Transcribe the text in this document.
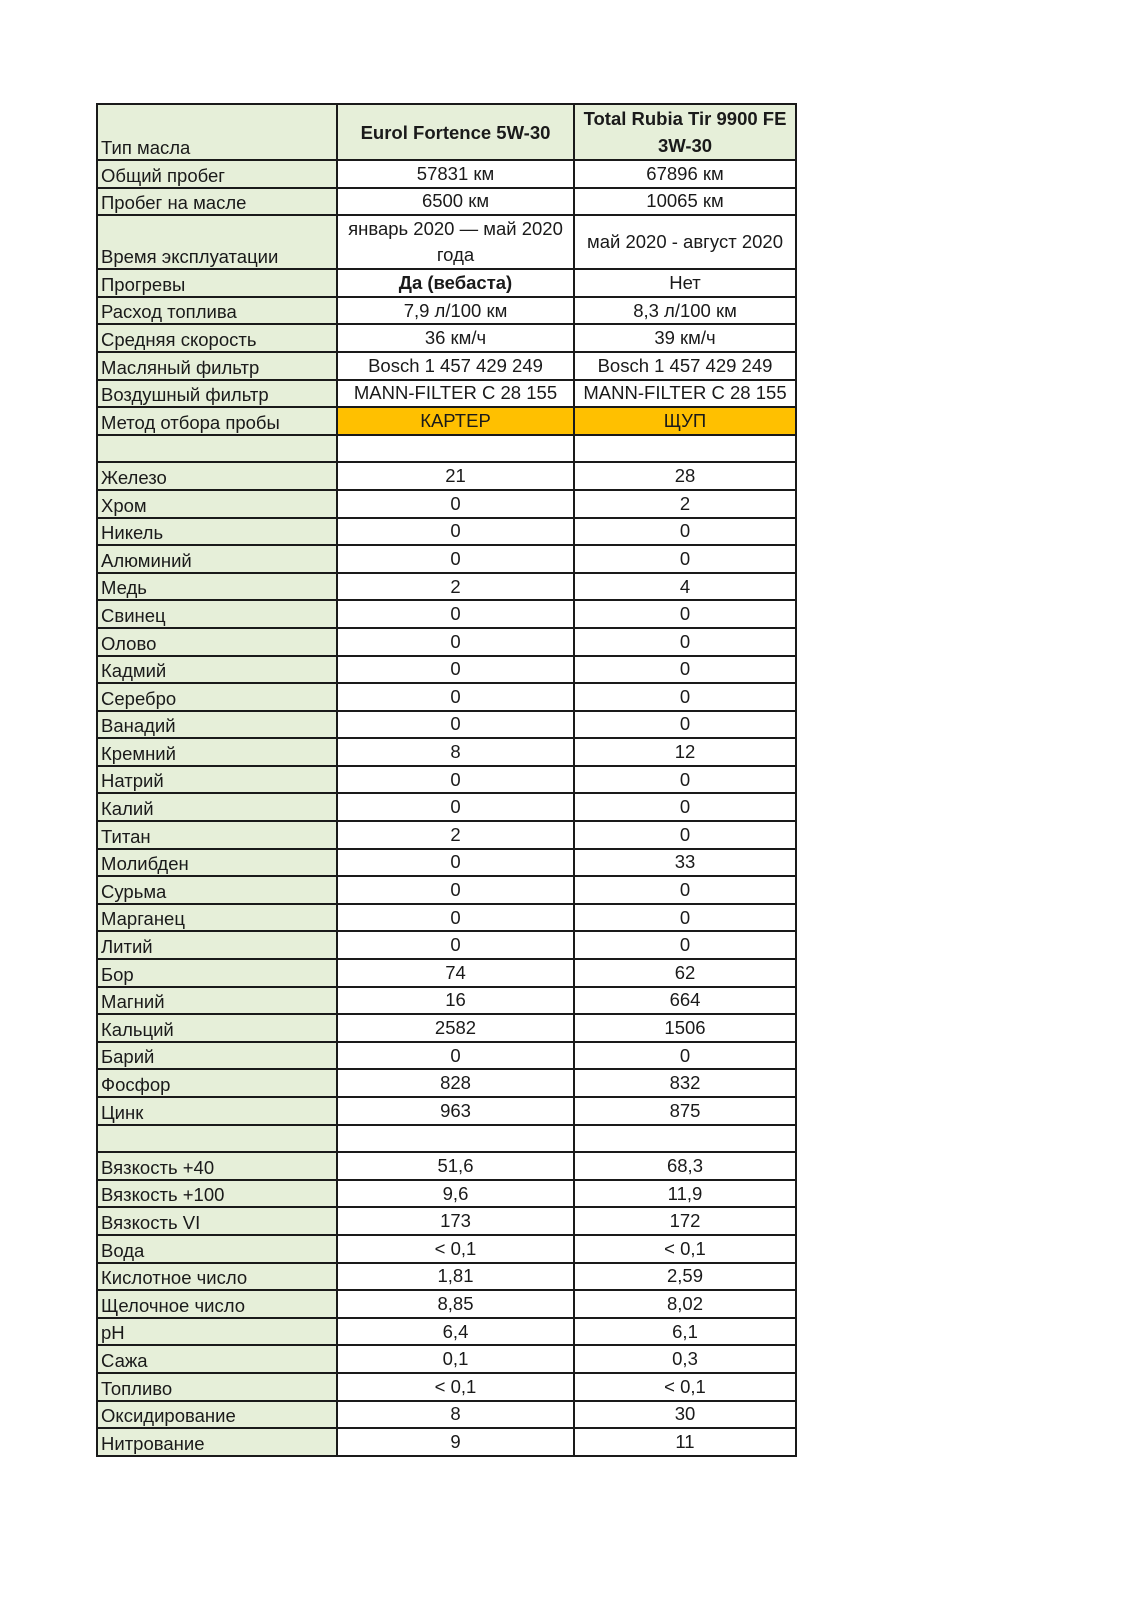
Тип масла	Eurol Fortence 5W-30	Total Rubia Tir 9900 FE 3W-30
Общий пробег	57831 км	67896 км
Пробег на масле	6500 км	10065 км
Время эксплуатации	январь 2020 — май 2020 года	май 2020 - август 2020
Прогревы	Да (вебаста)	Нет
Расход топлива	7,9 л/100 км	8,3 л/100 км
Средняя скорость	36 км/ч	39 км/ч
Масляный фильтр	Bosch 1 457 429 249	Bosch 1 457 429 249
Воздушный фильтр	MANN-FILTER C 28 155	MANN-FILTER C 28 155
Метод отбора пробы	КАРТЕР	ЩУП

Железо	21	28
Хром	0	2
Никель	0	0
Алюминий	0	0
Медь	2	4
Свинец	0	0
Олово	0	0
Кадмий	0	0
Серебро	0	0
Ванадий	0	0
Кремний	8	12
Натрий	0	0
Калий	0	0
Титан	2	0
Молибден	0	33
Сурьма	0	0
Марганец	0	0
Литий	0	0
Бор	74	62
Магний	16	664
Кальций	2582	1506
Барий	0	0
Фосфор	828	832
Цинк	963	875

Вязкость +40	51,6	68,3
Вязкость +100	9,6	11,9
Вязкость VI	173	172
Вода	< 0,1	< 0,1
Кислотное число	1,81	2,59
Щелочное число	8,85	8,02
pH	6,4	6,1
Сажа	0,1	0,3
Топливо	< 0,1	< 0,1
Оксидирование	8	30
Нитрование	9	11
